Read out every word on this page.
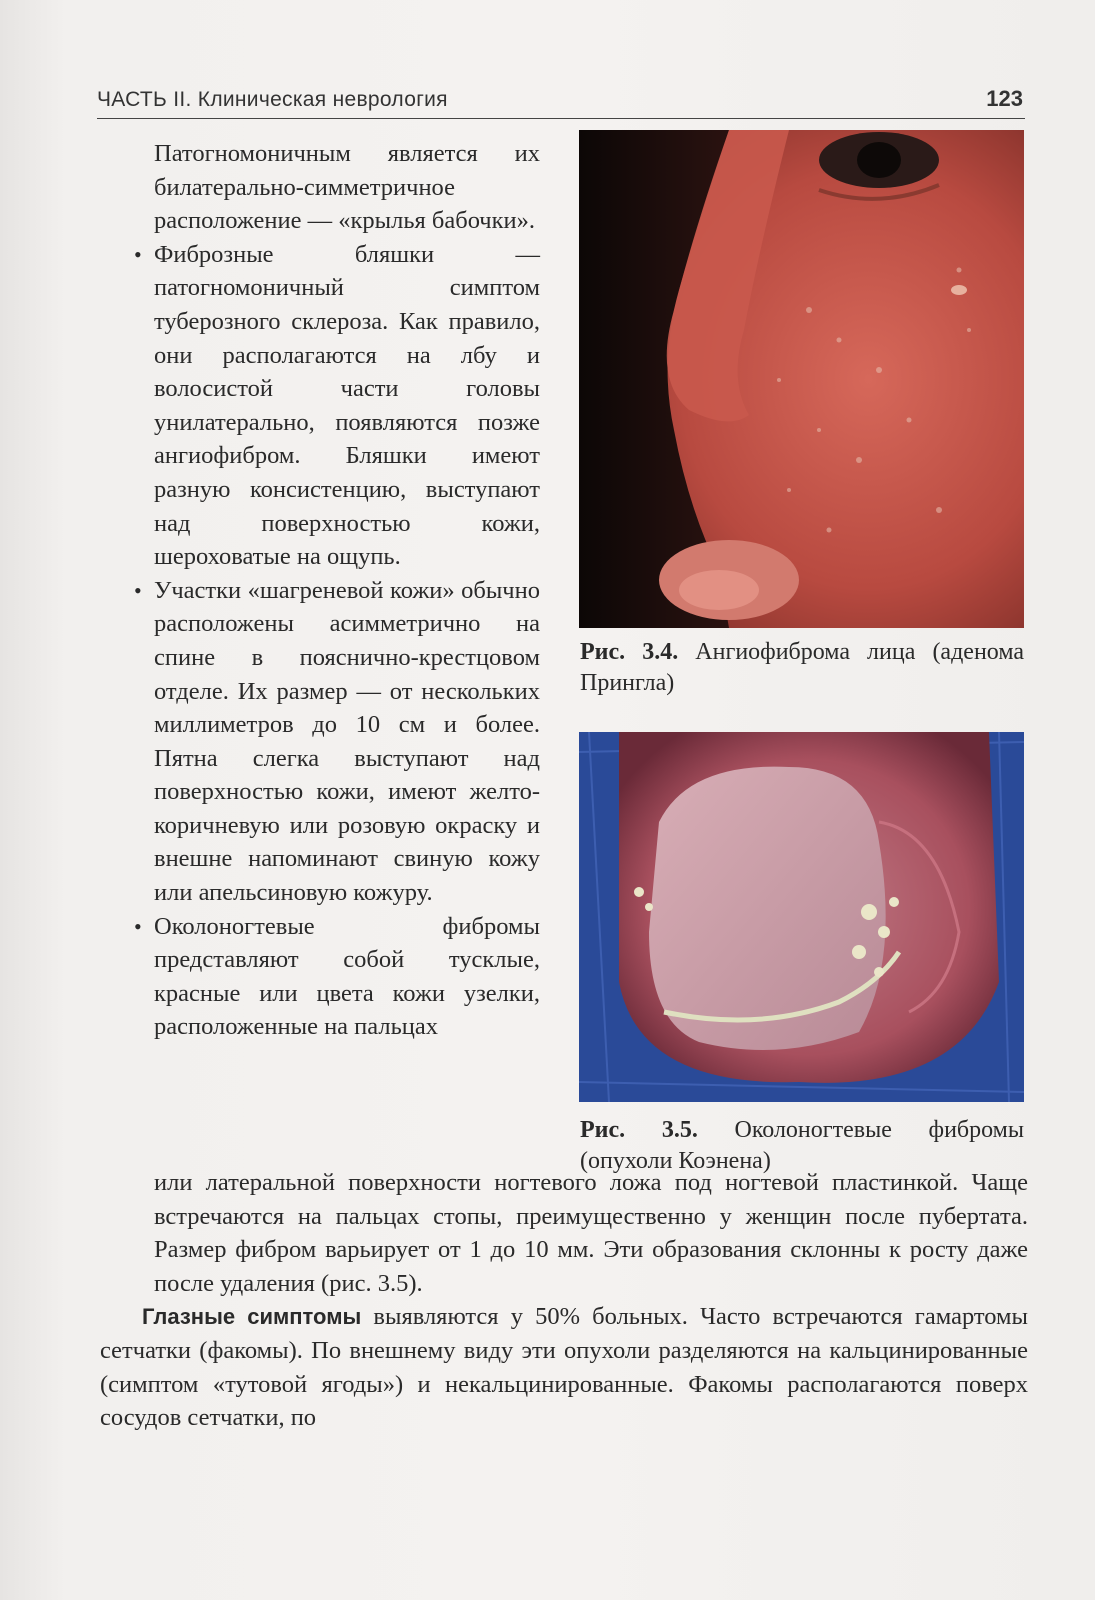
ЧАСТЬ II. Клиническая неврология	123

Патогномоничным является их билатерально-симметричное расположение — «крылья бабочки».

• Фиброзные бляшки — патогномоничный симптом туберозного склероза. Как правило, они располагаются на лбу и волосистой части головы унилатерально, появляются позже ангиофибром. Бляшки имеют разную консистенцию, выступают над поверхностью кожи, шероховатые на ощупь.

• Участки «шагреневой кожи» обычно расположены асимметрично на спине в пояснично-крестцовом отделе. Их размер — от нескольких миллиметров до 10 см и более. Пятна слегка выступают над поверхностью кожи, имеют желто-коричневую или розовую окраску и внешне напоминают свиную кожу или апельсиновую кожуру.

• Околоногтевые фибромы представляют собой тусклые, красные или цвета кожи узелки, расположенные на пальцах

Рис. 3.4. Ангиофиброма лица (аденома Прингла)
Рис. 3.5. Околоногтевые фибромы (опухоли Коэнена)

или латеральной поверхности ногтевого ложа под ногтевой пластинкой. Чаще встречаются на пальцах стопы, преимущественно у женщин после пубертата. Размер фибром варьирует от 1 до 10 мм. Эти образования склонны к росту даже после удаления (рис. 3.5).

Глазные симптомы выявляются у 50% больных. Часто встречаются гамартомы сетчатки (факомы). По внешнему виду эти опухоли разделяются на кальцинированные (симптом «тутовой ягоды») и некальцинированные. Факомы располагаются поверх сосудов сетчатки, по
